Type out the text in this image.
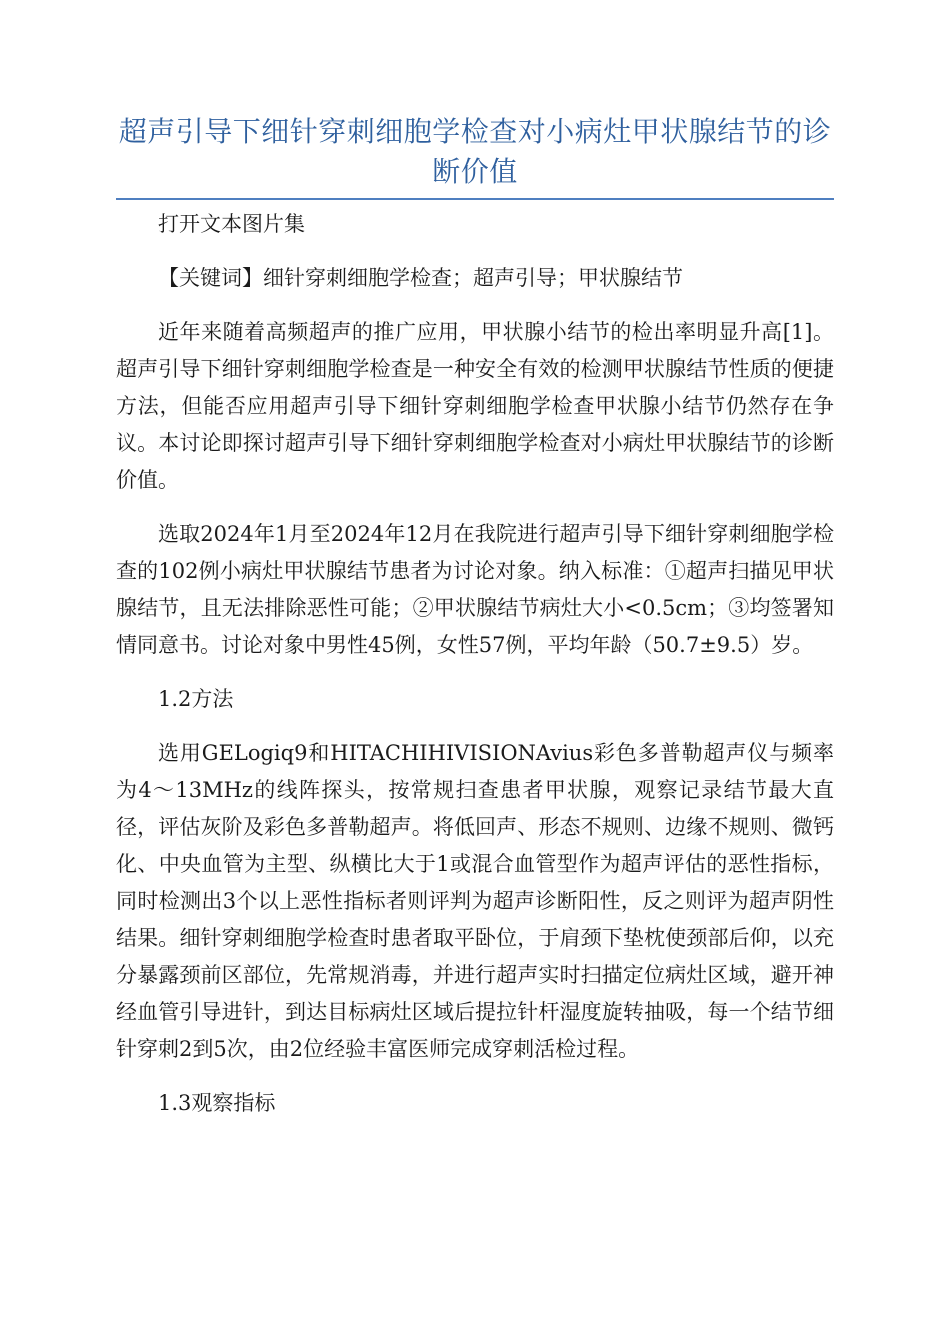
超声引导下细针穿刺细胞学检查对小病灶甲状腺结节的诊断价值

打开文本图片集

【关键词】细针穿刺细胞学检查；超声引导；甲状腺结节

近年来随着高频超声的推广应用，甲状腺小结节的检出率明显升高[1]。超声引导下细针穿刺细胞学检查是一种安全有效的检测甲状腺结节性质的便捷方法，但能否应用超声引导下细针穿刺细胞学检查甲状腺小结节仍然存在争议。本讨论即探讨超声引导下细针穿刺细胞学检查对小病灶甲状腺结节的诊断价值。

选取2024年1月至2024年12月在我院进行超声引导下细针穿刺细胞学检查的102例小病灶甲状腺结节患者为讨论对象。纳入标准：①超声扫描见甲状腺结节，且无法排除恶性可能；②甲状腺结节病灶大小<0.5cm；③均签署知情同意书。讨论对象中男性45例，女性57例，平均年龄（50.7±9.5）岁。

1.2方法

选用GELogiq9和HITACHIHIVISIONAvius彩色多普勒超声仪与频率为4～13MHz的线阵探头，按常规扫查患者甲状腺，观察记录结节最大直径，评估灰阶及彩色多普勒超声。将低回声、形态不规则、边缘不规则、微钙化、中央血管为主型、纵横比大于1或混合血管型作为超声评估的恶性指标，同时检测出3个以上恶性指标者则评判为超声诊断阳性，反之则评为超声阴性结果。细针穿刺细胞学检查时患者取平卧位，于肩颈下垫枕使颈部后仰，以充分暴露颈前区部位，先常规消毒，并进行超声实时扫描定位病灶区域，避开神经血管引导进针，到达目标病灶区域后提拉针杆湿度旋转抽吸，每一个结节细针穿刺2到5次，由2位经验丰富医师完成穿刺活检过程。

1.3观察指标
